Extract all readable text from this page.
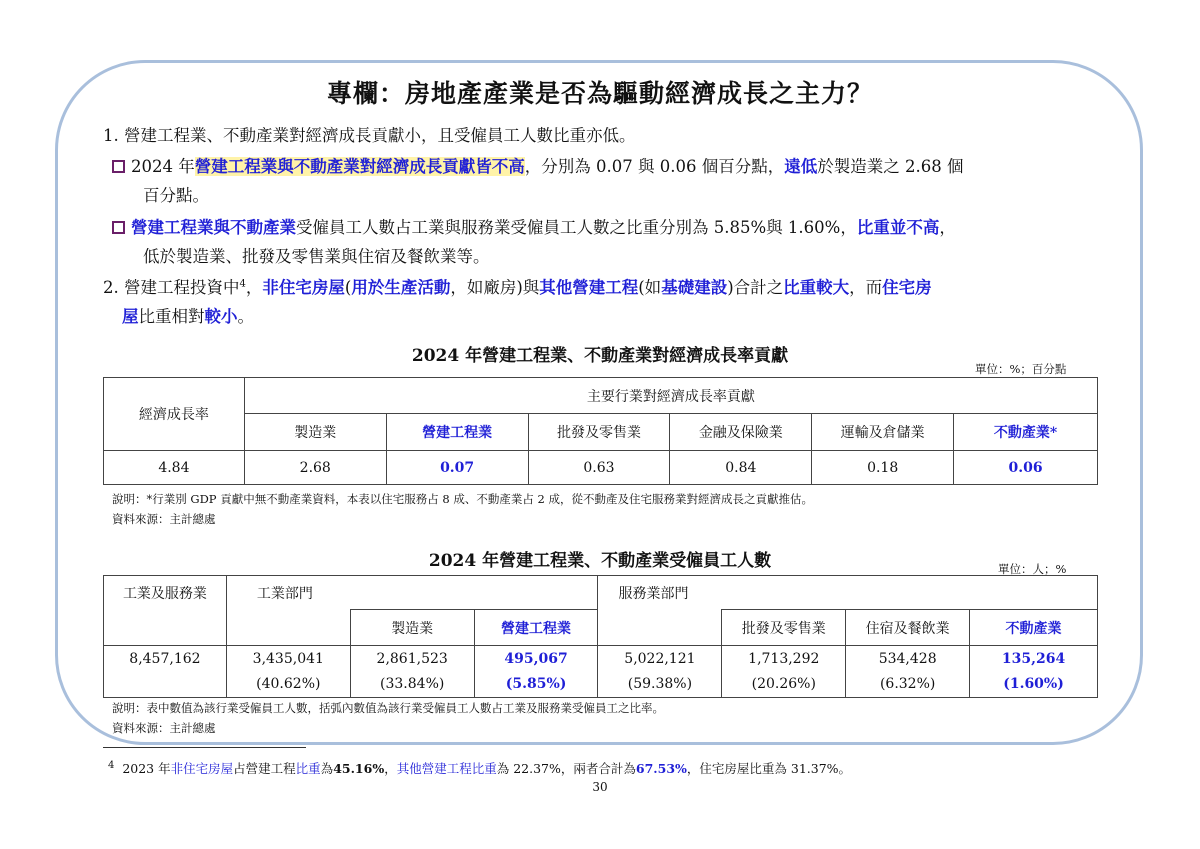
專欄：房地產產業是否為驅動經濟成長之主力？
1. 營建工程業、不動產業對經濟成長貢獻小，且受僱員工人數比重亦低。
2024 年營建工程業與不動產業對經濟成長貢獻皆不高，分別為 0.07 與 0.06 個百分點，遠低於製造業之 2.68 個
百分點。
營建工程業與不動產業受僱員工人數占工業與服務業受僱員工人數之比重分別為 5.85%與 1.60%，比重並不高，
低於製造業、批發及零售業與住宿及餐飲業等。
2. 營建工程投資中$^4$，非住宅房屋(用於生產活動，如廠房)與其他營建工程(如基礎建設)合計之比重較大，而住宅房
屋比重相對較小。
2024 年營建工程業、不動產業對經濟成長率貢獻
單位：%；百分點
經濟成長率	主要行業對經濟成長率貢獻					
	製造業	營建工程業	批發及零售業	金融及保險業	運輸及倉儲業	不動產業*
4.84	2.68	0.07	0.63	0.84	0.18	0.06
說明：*行業別 GDP 貢獻中無不動產業資料，本表以住宅服務占 8 成、不動產業占 2 成，從不動產及住宅服務業對經濟成長之貢獻推估。
資料來源：主計總處
2024 年營建工程業、不動產業受僱員工人數	單位：人；%
工業及服務業	工業部門			服務業部門			
		製造業	營建工程業		批發及零售業	住宿及餐飲業	不動產業
8,457,162	3,435,041	2,861,523	495,067	5,022,121	1,713,292	534,428	135,264
	(40.62%)	(33.84%)	(5.85%)	(59.38%)	(20.26%)	(6.32%)	(1.60%)
說明：表中數值為該行業受僱員工人數，括弧內數值為該行業受僱員工人數占工業及服務業受僱員工之比率。
資料來源：主計總處
$^4$ 2023 年非住宅房屋占營建工程比重為45.16%，其他營建工程比重為 22.37%，兩者合計為67.53%，住宅房屋比重為 31.37%。
30
